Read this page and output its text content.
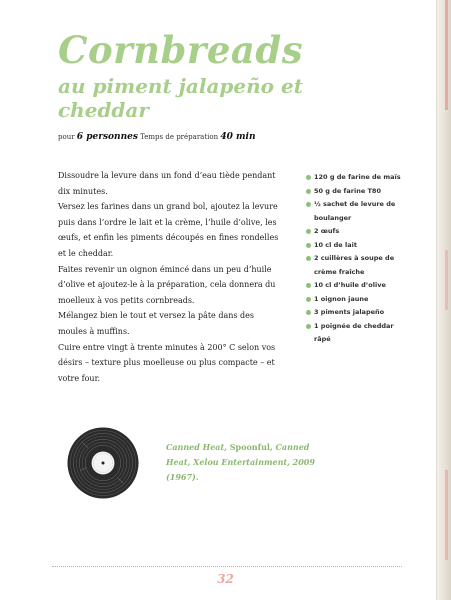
Cornbreads
au piment jalapeño et cheddar
pour 6 personnes Temps de préparation 40 min

Dissoudre la levure dans un fond d’eau tiède pendant dix minutes.

Versez les farines dans un grand bol, ajoutez la levure puis dans l’ordre le lait et la crème, l’huile d’olive, les œufs, et enfin les piments découpés en fines rondelles et le cheddar.

Faites revenir un oignon émincé dans un peu d’huile d’olive et ajoutez-le à la préparation, cela donnera du moelleux à vos petits cornbreads.

Mélangez bien le tout et versez la pâte dans des moules à muffins.

Cuire entre vingt à trente minutes à 200° C selon vos désirs – texture plus moelleuse ou plus compacte – et votre four.

120 g de farine de maïs
50 g de farine T80
½ sachet de levure de boulanger
2 œufs
10 cl de lait
2 cuillères à soupe de crème fraîche
10 cl d’huile d’olive
1 oignon jaune
3 piments jalapeño
1 poignée de cheddar râpé
Canned Heat, Spoonful, Canned Heat, Xelou Entertainment, 2009 (1967).
32
